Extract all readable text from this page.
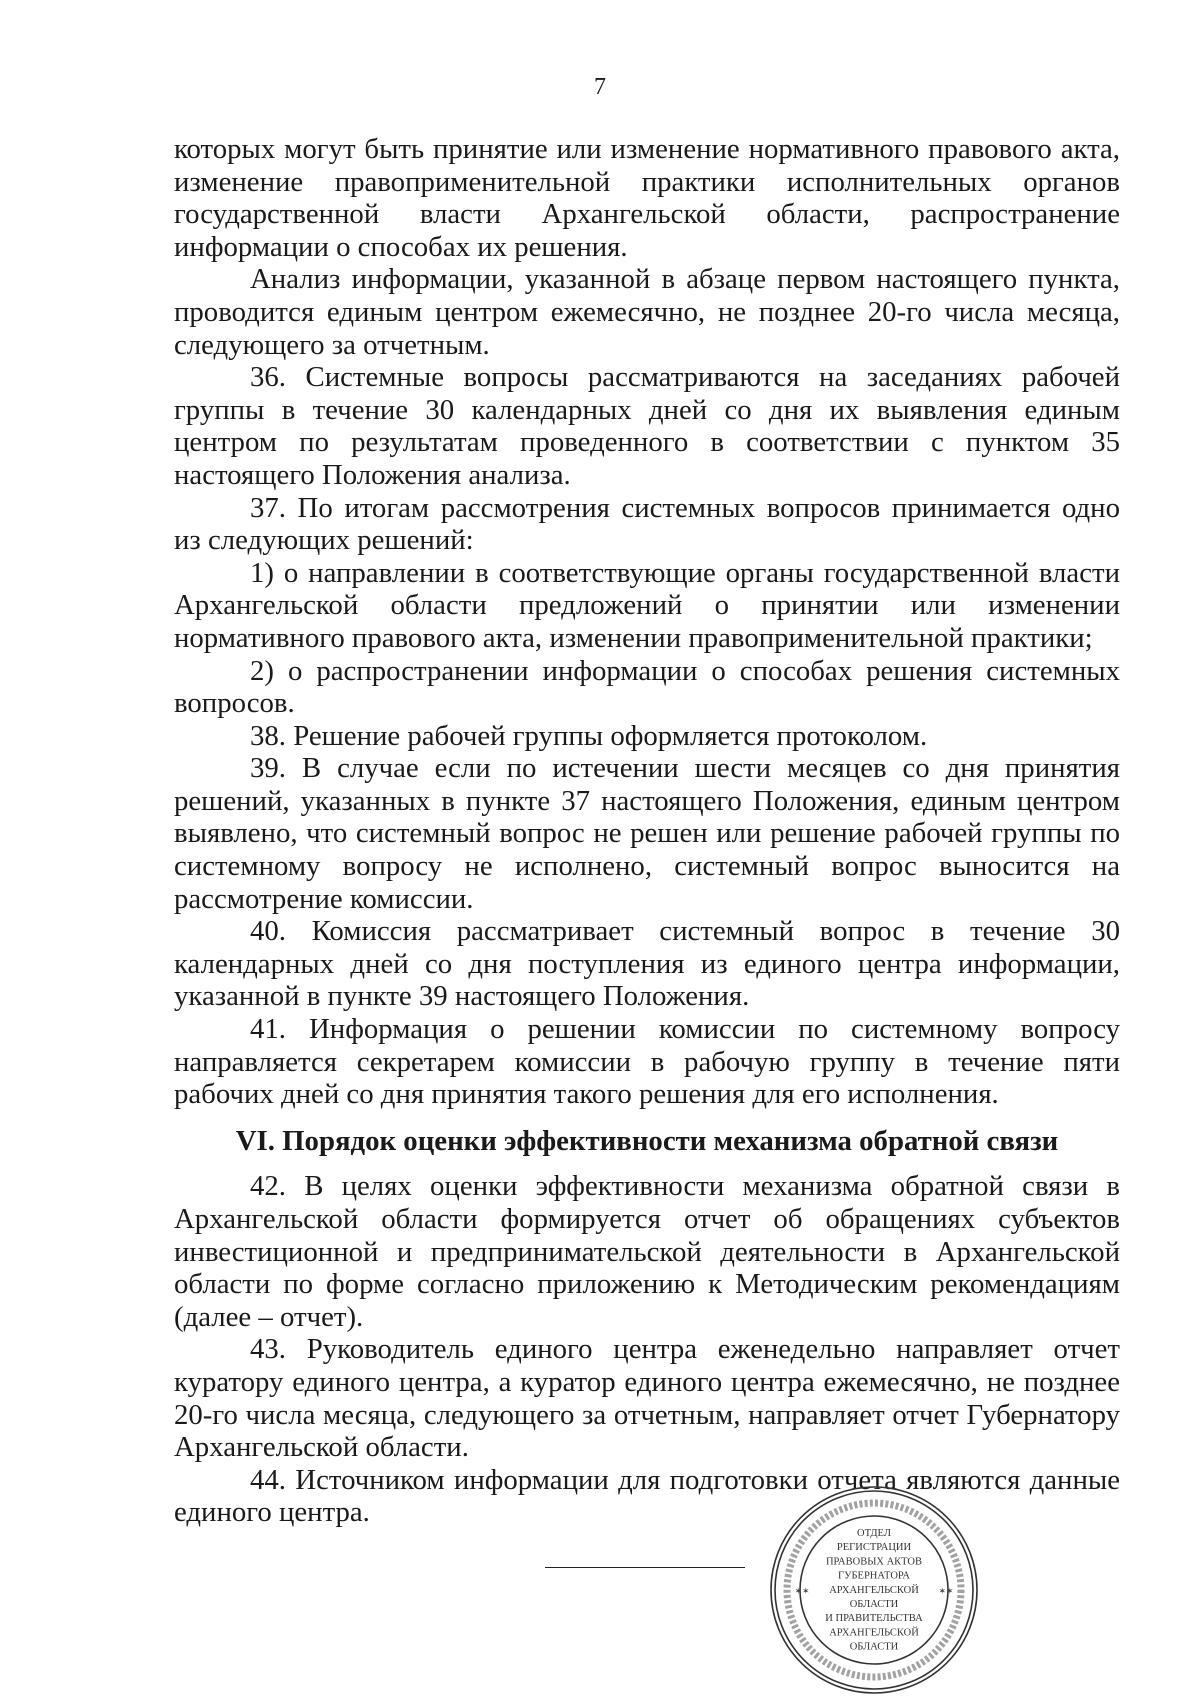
7

которых могут быть принятие или изменение нормативного правового акта, изменение правоприменительной практики исполнительных органов государственной власти Архангельской области, распространение информации о способах их решения.

Анализ информации, указанной в абзаце первом настоящего пункта, проводится единым центром ежемесячно, не позднее 20-го числа месяца, следующего за отчетным.

36. Системные вопросы рассматриваются на заседаниях рабочей группы в течение 30 календарных дней со дня их выявления единым центром по результатам проведенного в соответствии с пунктом 35 настоящего Положения анализа.

37. По итогам рассмотрения системных вопросов принимается одно из следующих решений:

1) о направлении в соответствующие органы государственной власти Архангельской области предложений о принятии или изменении нормативного правового акта, изменении правоприменительной практики;

2) о распространении информации о способах решения системных вопросов.

38. Решение рабочей группы оформляется протоколом.

39. В случае если по истечении шести месяцев со дня принятия решений, указанных в пункте 37 настоящего Положения, единым центром выявлено, что системный вопрос не решен или решение рабочей группы по системному вопросу не исполнено, системный вопрос выносится на рассмотрение комиссии.

40. Комиссия рассматривает системный вопрос в течение 30 календарных дней со дня поступления из единого центра информации, указанной в пункте 39 настоящего Положения.

41. Информация о решении комиссии по системному вопросу направляется секретарем комиссии в рабочую группу в течение пяти рабочих дней со дня принятия такого решения для его исполнения.

VI. Порядок оценки эффективности механизма обратной связи

42. В целях оценки эффективности механизма обратной связи в Архангельской области формируется отчет об обращениях субъектов инвестиционной и предпринимательской деятельности в Архангельской области по форме согласно приложению к Методическим рекомендациям (далее – отчет).

43. Руководитель единого центра еженедельно направляет отчет куратору единого центра, а куратор единого центра ежемесячно, не позднее 20-го числа месяца, следующего за отчетным, направляет отчет Губернатору Архангельской области.

44. Источником информации для подготовки отчета являются данные единого центра.

✶✶	✶✶
ОТДЕЛ
РЕГИСТРАЦИИ
ПРАВОВЫХ АКТОВ
ГУБЕРНАТОРА
АРХАНГЕЛЬСКОЙ
ОБЛАСТИ
И ПРАВИТЕЛЬСТВА
АРХАНГЕЛЬСКОЙ
ОБЛАСТИ
